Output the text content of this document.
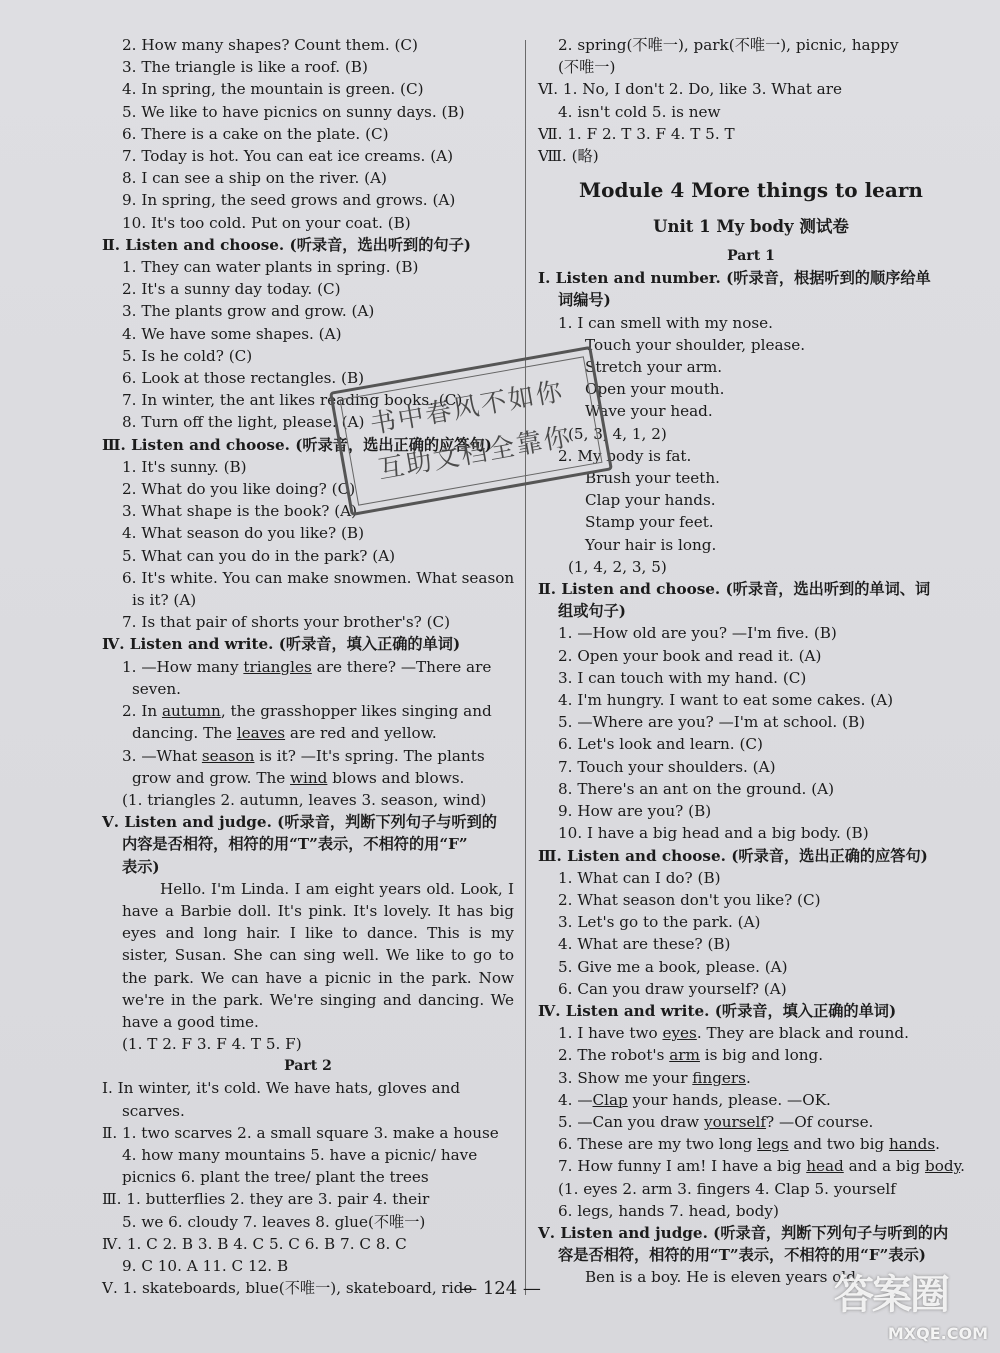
2. How many shapes? Count them. (C)
3. The triangle is like a roof. (B)
4. In spring, the mountain is green. (C)
5. We like to have picnics on sunny days. (B)
6. There is a cake on the plate. (C)
7. Today is hot. You can eat ice creams. (A)
8. I can see a ship on the river. (A)
9. In spring, the seed grows and grows. (A)
10. It's too cold. Put on your coat. (B)
Ⅱ. Listen and choose. (听录音，选出听到的句子)
1. They can water plants in spring. (B)
2. It's a sunny day today. (C)
3. The plants grow and grow. (A)
4. We have some shapes. (A)
5. Is he cold? (C)
6. Look at those rectangles. (B)
7. In winter, the ant likes reading books. (C)
8. Turn off the light, please. (A)
Ⅲ. Listen and choose. (听录音，选出正确的应答句)
1. It's sunny. (B)
2. What do you like doing? (C)
3. What shape is the book? (A)
4. What season do you like? (B)
5. What can you do in the park? (A)
6. It's white. You can make snowmen. What season
is it? (A)
7. Is that pair of shorts your brother's? (C)
Ⅳ. Listen and write. (听录音，填入正确的单词)
1. —How many triangles are there? —There are
seven.
2. In autumn, the grasshopper likes singing and
dancing. The leaves are red and yellow.
3. —What season is it? —It's spring. The plants
grow and grow. The wind blows and blows.
(1. triangles 2. autumn, leaves 3. season, wind)
Ⅴ. Listen and judge. (听录音，判断下列句子与听到的
内容是否相符，相符的用“T”表示，不相符的用“F”
表示)
Hello. I'm Linda. I am eight years old. Look, I have a Barbie doll. It's pink. It's lovely. It has big eyes and long hair. I like to dance. This is my sister, Susan. She can sing well. We like to go to the park. We can have a picnic in the park. Now we're in the park. We're singing and dancing. We have a good time.
(1. T 2. F 3. F 4. T 5. F)
Part 2
Ⅰ. In winter, it's cold. We have hats, gloves and
scarves.
Ⅱ. 1. two scarves 2. a small square 3. make a house
4. how many mountains 5. have a picnic/ have
picnics 6. plant the tree/ plant the trees
Ⅲ. 1. butterflies 2. they are 3. pair 4. their
5. we 6. cloudy 7. leaves 8. glue(不唯一)
Ⅳ. 1. C 2. B 3. B 4. C 5. C 6. B 7. C 8. C
9. C 10. A 11. C 12. B
Ⅴ. 1. skateboards, blue(不唯一), skateboard, ride
2. spring(不唯一), park(不唯一), picnic, happy
(不唯一)
Ⅵ. 1. No, I don't 2. Do, like 3. What are
4. isn't cold 5. is new
Ⅶ. 1. F 2. T 3. F 4. T 5. T
Ⅷ. (略)
Module 4 More things to learn
Unit 1 My body 测试卷
Part 1
Ⅰ. Listen and number. (听录音，根据听到的顺序给单
词编号)
1. I can smell with my nose.
Touch your shoulder, please.
Stretch your arm.
Open your mouth.
Wave your head.
(5, 3, 4, 1, 2)
2. My body is fat.
Brush your teeth.
Clap your hands.
Stamp your feet.
Your hair is long.
(1, 4, 2, 3, 5)
Ⅱ. Listen and choose. (听录音，选出听到的单词、词
组或句子)
1. —How old are you? —I'm five. (B)
2. Open your book and read it. (A)
3. I can touch with my hand. (C)
4. I'm hungry. I want to eat some cakes. (A)
5. —Where are you? —I'm at school. (B)
6. Let's look and learn. (C)
7. Touch your shoulders. (A)
8. There's an ant on the ground. (A)
9. How are you? (B)
10. I have a big head and a big body. (B)
Ⅲ. Listen and choose. (听录音，选出正确的应答句)
1. What can I do? (B)
2. What season don't you like? (C)
3. Let's go to the park. (A)
4. What are these? (B)
5. Give me a book, please. (A)
6. Can you draw yourself? (A)
Ⅳ. Listen and write. (听录音，填入正确的单词)
1. I have two eyes. They are black and round.
2. The robot's arm is big and long.
3. Show me your fingers.
4. —Clap your hands, please. —OK.
5. —Can you draw yourself? —Of course.
6. These are my two long legs and two big hands.
7. How funny I am! I have a big head and a big body.
(1. eyes 2. arm 3. fingers 4. Clap 5. yourself
6. legs, hands 7. head, body)
Ⅴ. Listen and judge. (听录音，判断下列句子与听到的内
容是否相符，相符的用“T”表示，不相符的用“F”表示)
Ben is a boy. He is eleven years old.
— 124 —
书中春风不如你
互助文档全靠你
答案圈
MXQE.COM
